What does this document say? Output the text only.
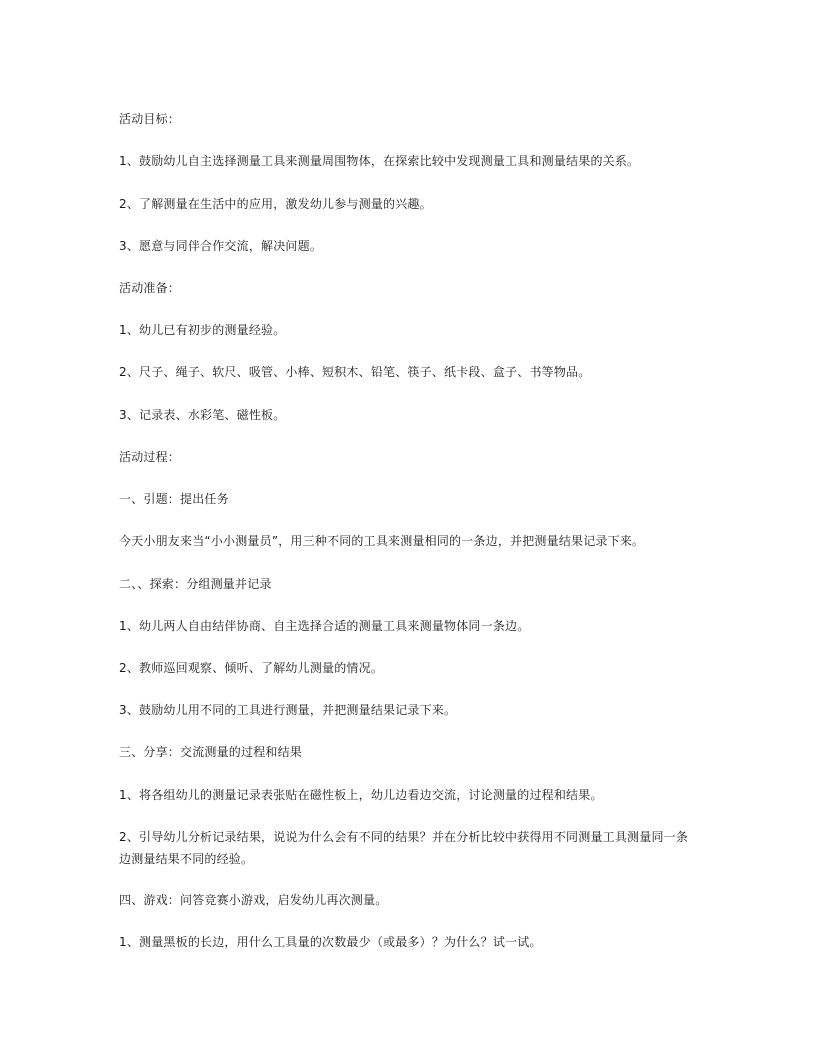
活动目标：
1、鼓励幼儿自主选择测量工具来测量周围物体，在探索比较中发现测量工具和测量结果的关系。
2、了解测量在生活中的应用，激发幼儿参与测量的兴趣。
3、愿意与同伴合作交流，解决问题。
活动准备：
1、幼儿已有初步的测量经验。
2、尺子、绳子、软尺、吸管、小棒、短积木、铅笔、筷子、纸卡段、盒子、书等物品。
3、记录表、水彩笔、磁性板。
活动过程：
一、引题：提出任务
今天小朋友来当“小小测量员”，用三种不同的工具来测量相同的一条边，并把测量结果记录下来。
二、、探索：分组测量并记录
1、幼儿两人自由结伴协商、自主选择合适的测量工具来测量物体同一条边。
2、教师巡回观察、倾听、了解幼儿测量的情况。
3、鼓励幼儿用不同的工具进行测量，并把测量结果记录下来。
三、分享：交流测量的过程和结果
1、将各组幼儿的测量记录表张贴在磁性板上，幼儿边看边交流，讨论测量的过程和结果。
2、引导幼儿分析记录结果，说说为什么会有不同的结果？并在分析比较中获得用不同测量工具测量同一条边测量结果不同的经验。
四、游戏：问答竞赛小游戏，启发幼儿再次测量。
1、测量黑板的长边，用什么工具量的次数最少（或最多）？为什么？试一试。
